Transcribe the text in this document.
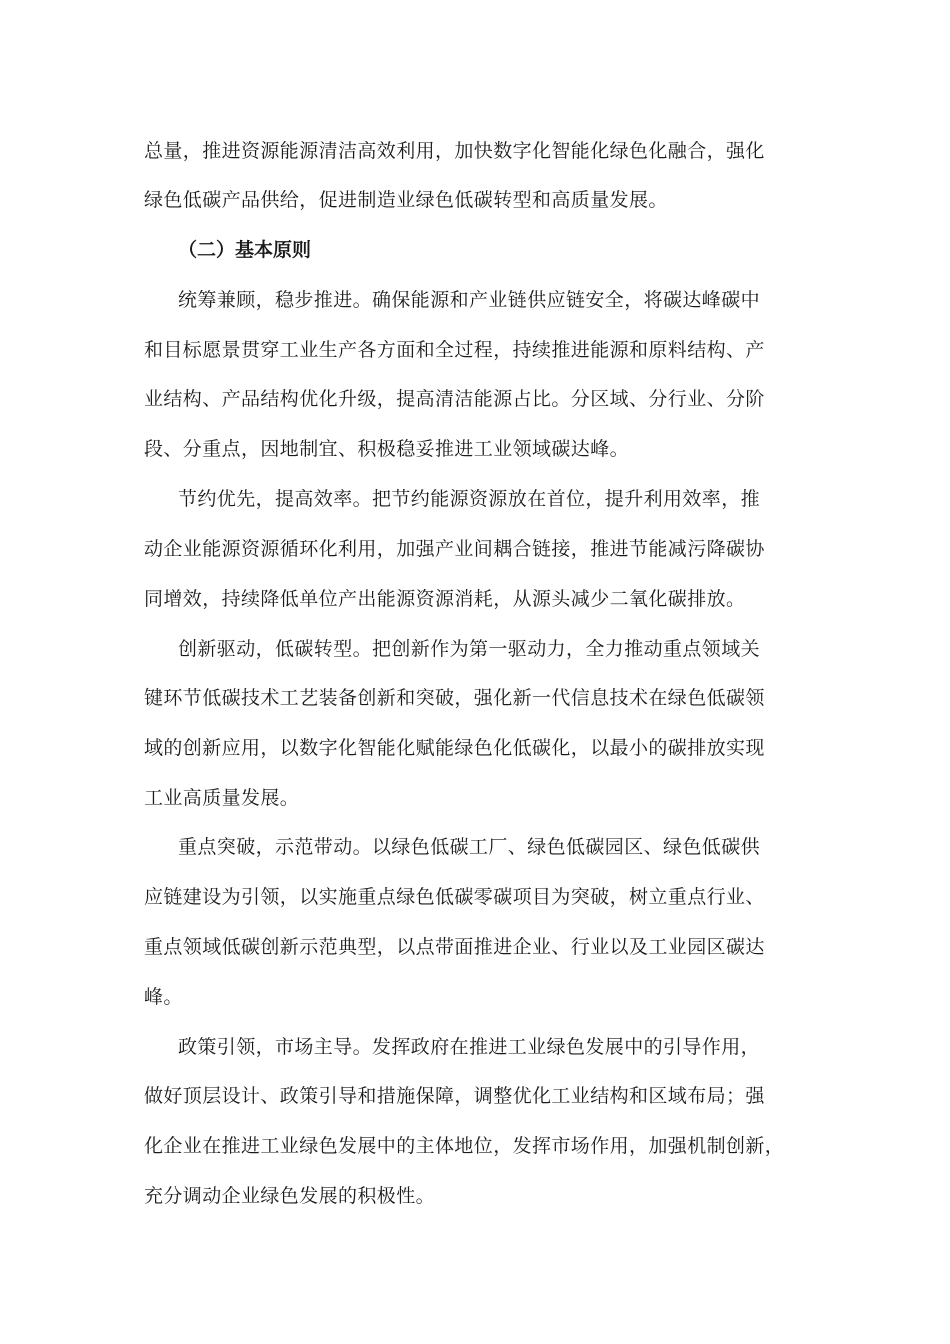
总量，推进资源能源清洁高效利用，加快数字化智能化绿色化融合，强化
绿色低碳产品供给，促进制造业绿色低碳转型和高质量发展。
（二）基本原则
统筹兼顾，稳步推进。确保能源和产业链供应链安全，将碳达峰碳中
和目标愿景贯穿工业生产各方面和全过程，持续推进能源和原料结构、产
业结构、产品结构优化升级，提高清洁能源占比。分区域、分行业、分阶
段、分重点，因地制宜、积极稳妥推进工业领域碳达峰。
节约优先，提高效率。把节约能源资源放在首位，提升利用效率，推
动企业能源资源循环化利用，加强产业间耦合链接，推进节能减污降碳协
同增效，持续降低单位产出能源资源消耗，从源头减少二氧化碳排放。
创新驱动，低碳转型。把创新作为第一驱动力，全力推动重点领域关
键环节低碳技术工艺装备创新和突破，强化新一代信息技术在绿色低碳领
域的创新应用，以数字化智能化赋能绿色化低碳化，以最小的碳排放实现
工业高质量发展。
重点突破，示范带动。以绿色低碳工厂、绿色低碳园区、绿色低碳供
应链建设为引领，以实施重点绿色低碳零碳项目为突破，树立重点行业、
重点领域低碳创新示范典型，以点带面推进企业、行业以及工业园区碳达
峰。
政策引领，市场主导。发挥政府在推进工业绿色发展中的引导作用，
做好顶层设计、政策引导和措施保障，调整优化工业结构和区域布局；强
化企业在推进工业绿色发展中的主体地位，发挥市场作用，加强机制创新，
充分调动企业绿色发展的积极性。
